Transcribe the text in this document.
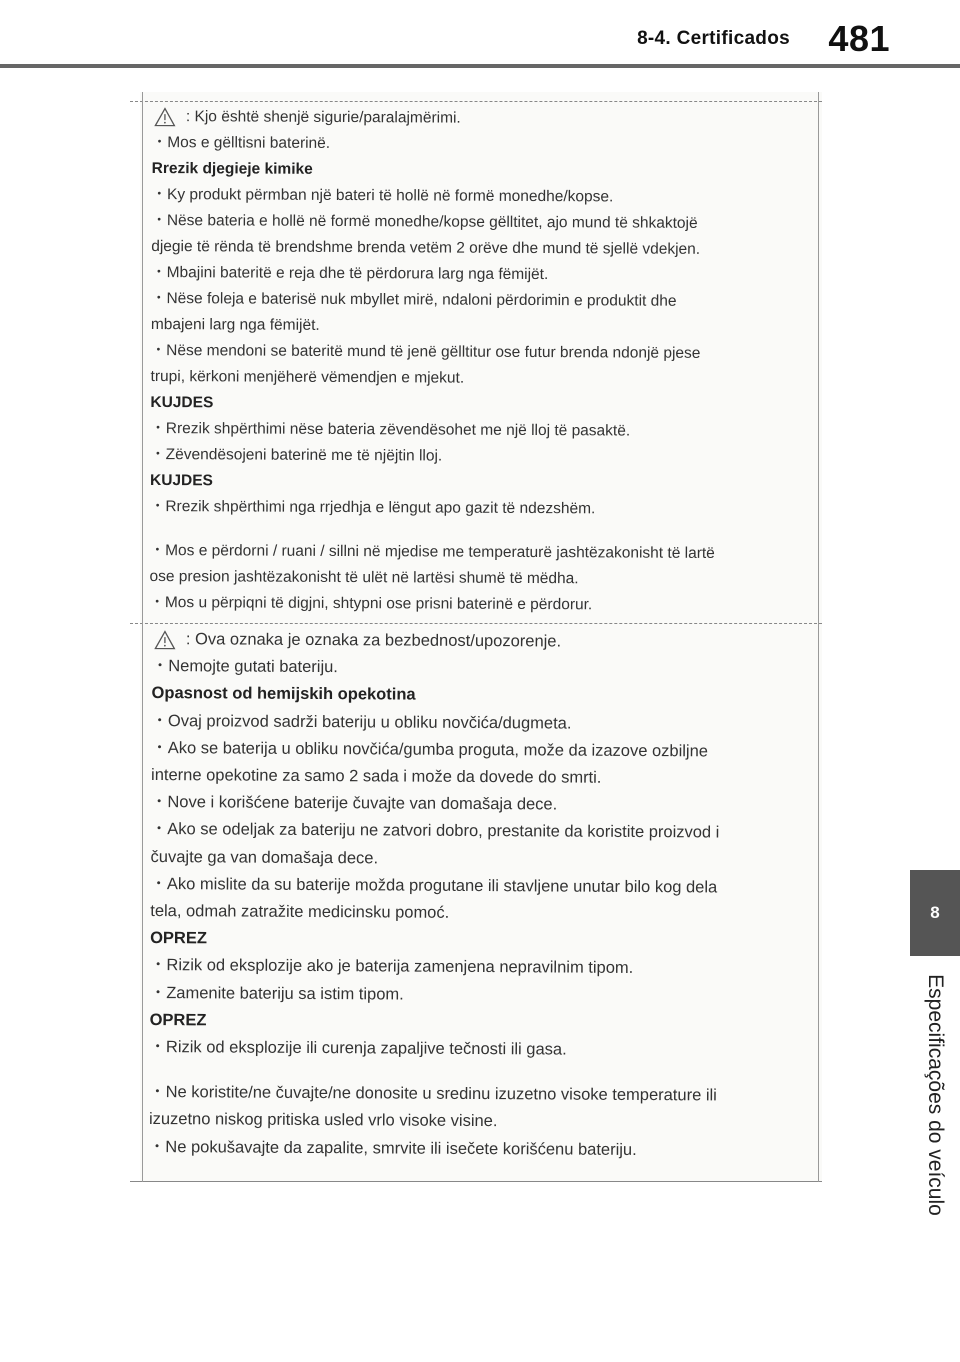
8-4. Certificados 481
8
Especificações do veículo
: Kjo është shenjë sigurie/paralajmërimi.
・Mos e gëlltisni baterinë.
Rrezik djegieje kimike
・Ky produkt përmban një bateri të hollë në formë monedhe/kopse.
・Nëse bateria e hollë në formë monedhe/kopse gëlltitet, ajo mund të shkaktojë
djegie të rënda të brendshme brenda vetëm 2 orëve dhe mund të sjellë vdekjen.
・Mbajini bateritë e reja dhe të përdorura larg nga fëmijët.
・Nëse foleja e baterisë nuk mbyllet mirë, ndaloni përdorimin e produktit dhe
mbajeni larg nga fëmijët.
・Nëse mendoni se bateritë mund të jenë gëlltitur ose futur brenda ndonjë pjese
trupi, kërkoni menjëherë vëmendjen e mjekut.
KUJDES
・Rrezik shpërthimi nëse bateria zëvendësohet me një lloj të pasaktë.
・Zëvendësojeni baterinë me të njëjtin lloj.
KUJDES
・Rrezik shpërthimi nga rrjedhja e lëngut apo gazit të ndezshëm.
・Mos e përdorni / ruani / sillni në mjedise me temperaturë jashtëzakonisht të lartë
ose presion jashtëzakonisht të ulët në lartësi shumë të mëdha.
・Mos u përpiqni të digjni, shtypni ose prisni baterinë e përdorur.
: Ova oznaka je oznaka za bezbednost/upozorenje.
・Nemojte gutati bateriju.
Opasnost od hemijskih opekotina
・Ovaj proizvod sadrži bateriju u obliku novčića/dugmeta.
・Ako se baterija u obliku novčića/gumba proguta, može da izazove ozbiljne
interne opekotine za samo 2 sada i može da dovede do smrti.
・Nove i korišćene baterije čuvajte van domašaja dece.
・Ako se odeljak za bateriju ne zatvori dobro, prestanite da koristite proizvod i
čuvajte ga van domašaja dece.
・Ako mislite da su baterije možda progutane ili stavljene unutar bilo kog dela
tela, odmah zatražite medicinsku pomoć.
OPREZ
・Rizik od eksplozije ako je baterija zamenjena nepravilnim tipom.
・Zamenite bateriju sa istim tipom.
OPREZ
・Rizik od eksplozije ili curenja zapaljive tečnosti ili gasa.
・Ne koristite/ne čuvajte/ne donosite u sredinu izuzetno visoke temperature ili
izuzetno niskog pritiska usled vrlo visoke visine.
・Ne pokušavajte da zapalite, smrvite ili isečete korišćenu bateriju.
